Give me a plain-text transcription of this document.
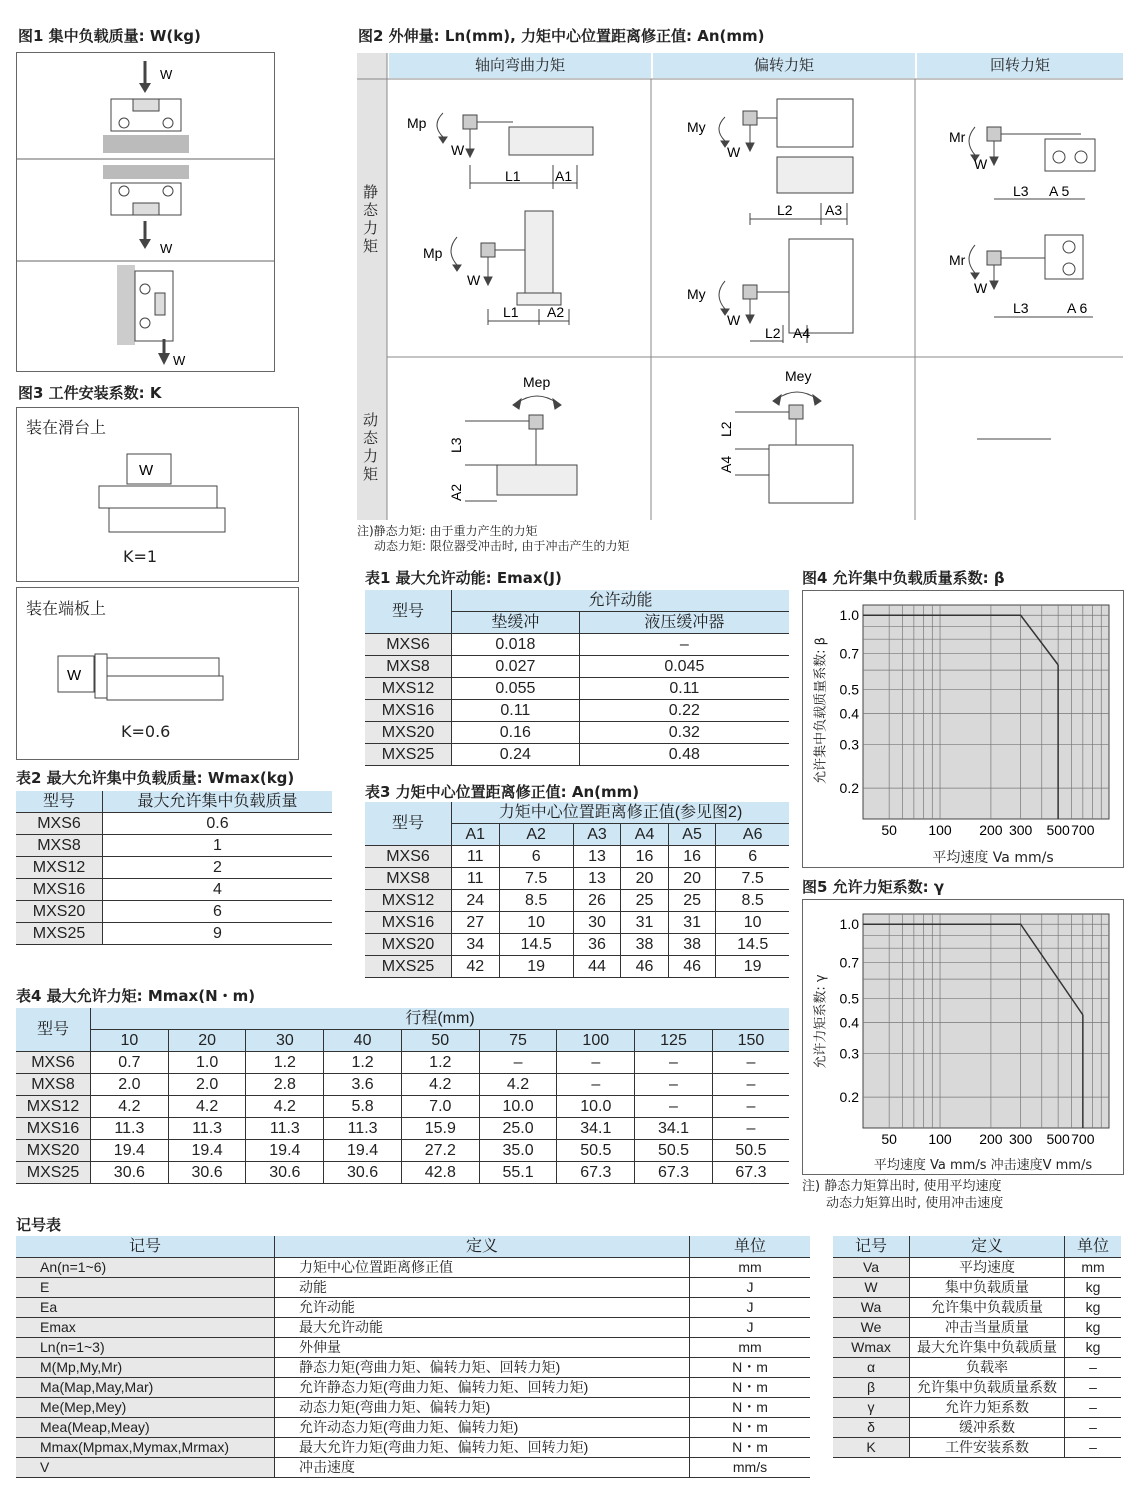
图1 集中负载质量: W(kg)
W
W
W
图3 工件安装系数: K
装在滑台上
W
K=1
装在端板上
W
K=0.6
图2 外伸量: Ln(mm), 力矩中心位置距离修正值: An(mm)
轴向弯曲力矩	偏转力矩	回转力矩
静态力矩
动态力矩
Mp
W
L1 A1
Mp
W
L1 A2
My
W
L2 A3
My
W
L2 A4
Mr
W
L3 A 5
Mr
W
L3	A 6
Mep
L3
A2
Mey
L2
A4
注)静态力矩: 由于重力产生的力矩
动态力矩: 限位器受冲击时, 由于冲击产生的力矩
表1 最大允许动能: Emax(J)
型号	允许动能	
	垫缓冲	液压缓冲器
MXS6	0.018	–
MXS8	0.027	0.045
MXS12	0.055	0.11
MXS16	0.11	0.22
MXS20	0.16	0.32
MXS25	0.24	0.48
表2 最大允许集中负载质量: Wmax(kg)
型号	最大允许集中负载质量
MXS6	0.6
MXS8	1
MXS12	2
MXS16	4
MXS20	6
MXS25	9
表3 力矩中心位置距离修正值: An(mm)
型号	力矩中心位置距离修正值(参见图2)					
	A1	A2	A3	A4	A5	A6
MXS6	11	6	13	16	16	6
MXS8	11	7.5	13	20	20	7.5
MXS12	24	8.5	26	25	25	8.5
MXS16	27	10	30	31	31	10
MXS20	34	14.5	36	38	38	14.5
MXS25	42	19	44	46	46	19
表4 最大允许力矩: Mmax(N・m)
型号	行程(mm)								
	10	20	30	40	50	75	100	125	150
MXS6	0.7	1.0	1.2	1.2	1.2	–	–	–	–
MXS8	2.0	2.0	2.8	3.6	4.2	4.2	–	–	–
MXS12	4.2	4.2	4.2	5.8	7.0	10.0	10.0	–	–
MXS16	11.3	11.3	11.3	11.3	15.9	25.0	34.1	34.1	–
MXS20	19.4	19.4	19.4	19.4	27.2	35.0	50.5	50.5	50.5
MXS25	30.6	30.6	30.6	30.6	42.8	55.1	67.3	67.3	67.3
图4 允许集中负载质量系数: β
50 100 200 300 500 700
1.0
0.7
0.5
0.4
0.3
0.2
允许集中负载质量系数: β
平均速度 Va mm/s
图5 允许力矩系数: γ
50 100 200 300 500 700
1.0
0.7
0.5
0.4
0.3
0.2
允许力矩系数: γ
平均速度 Va mm/s 冲击速度V mm/s
注) 静态力矩算出时, 使用平均速度
动态力矩算出时, 使用冲击速度
记号表
记号	定义	单位
An(n=1~6)	力矩中心位置距离修正值	mm
E	动能	J
Ea	允许动能	J
Emax	最大允许动能	J
Ln(n=1~3)	外伸量	mm
M(Mp,My,Mr)	静态力矩(弯曲力矩、偏转力矩、回转力矩)	N・m
Ma(Map,May,Mar)	允许静态力矩(弯曲力矩、偏转力矩、回转力矩)	N・m
Me(Mep,Mey)	动态力矩(弯曲力矩、偏转力矩)	N・m
Mea(Meap,Meay)	允许动态力矩(弯曲力矩、偏转力矩)	N・m
Mmax(Mpmax,Mymax,Mrmax)	最大允许力矩(弯曲力矩、偏转力矩、回转力矩)	N・m
V	冲击速度	mm/s
记号	定义	单位
Va	平均速度	mm
W	集中负载质量	kg
Wa	允许集中负载质量	kg
We	冲击当量质量	kg
Wmax	最大允许集中负载质量	kg
α	负载率	–
β	允许集中负载质量系数	–
γ	允许力矩系数	–
δ	缓冲系数	–
K	工件安装系数	–
